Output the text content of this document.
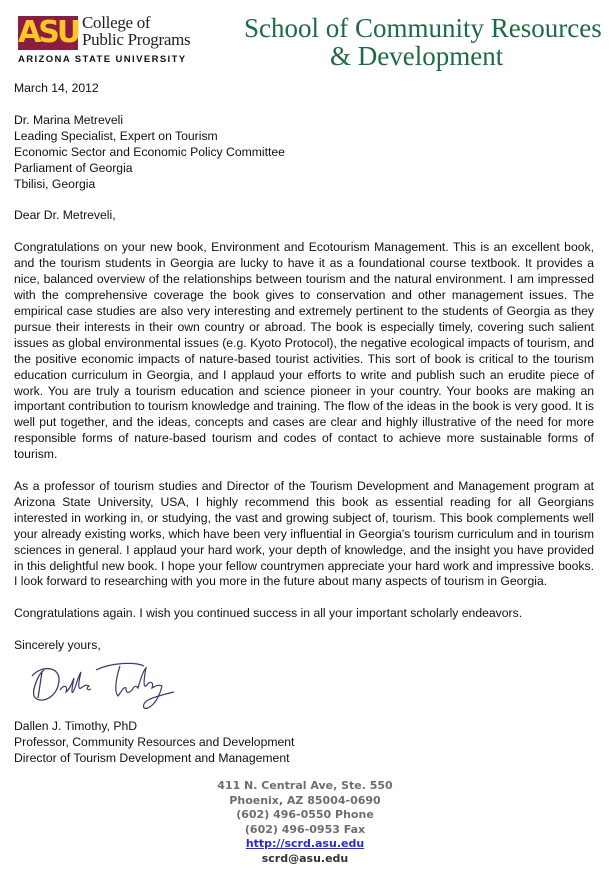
ASU College of
Public Programs
ARIZONA STATE UNIVERSITY
School of Community Resources
& Development

March 14, 2012

Dr. Marina Metreveli

Leading Specialist, Expert on Tourism

Economic Sector and Economic Policy Committee

Parliament of Georgia

Tbilisi, Georgia

Dear Dr. Metreveli,

Congratulations on your new book, Environment and Ecotourism Management. This is an excellent book, and the tourism students in Georgia are lucky to have it as a foundational course textbook. It provides a nice, balanced overview of the relationships between tourism and the natural environment. I am impressed with the comprehensive coverage the book gives to conservation and other management issues. The empirical case studies are also very interesting and extremely pertinent to the students of Georgia as they pursue their interests in their own country or abroad. The book is especially timely, covering such salient issues as global environmental issues (e.g. Kyoto Protocol), the negative ecological impacts of tourism, and the positive economic impacts of nature-based tourist activities. This sort of book is critical to the tourism education curriculum in Georgia, and I applaud your efforts to write and publish such an erudite piece of work. You are truly a tourism education and science pioneer in your country. Your books are making an important contribution to tourism knowledge and training. The flow of the ideas in the book is very good. It is well put together, and the ideas, concepts and cases are clear and highly illustrative of the need for more responsible forms of nature-based tourism and codes of contact to achieve more sustainable forms of tourism.

As a professor of tourism studies and Director of the Tourism Development and Management program at Arizona State University, USA, I highly recommend this book as essential reading for all Georgians interested in working in, or studying, the vast and growing subject of, tourism. This book complements well your already existing works, which have been very influential in Georgia's tourism curriculum and in tourism sciences in general. I applaud your hard work, your depth of knowledge, and the insight you have provided in this delightful new book. I hope your fellow countrymen appreciate your hard work and impressive books. I look forward to researching with you more in the future about many aspects of tourism in Georgia.

Congratulations again. I wish you continued success in all your important scholarly endeavors.

Sincerely yours,

Dallen J. Timothy, PhD

Professor, Community Resources and Development

Director of Tourism Development and Management

411 N. Central Ave, Ste. 550
Phoenix, AZ 85004-0690
(602) 496-0550 Phone
(602) 496-0953 Fax
http://scrd.asu.edu
scrd@asu.edu
